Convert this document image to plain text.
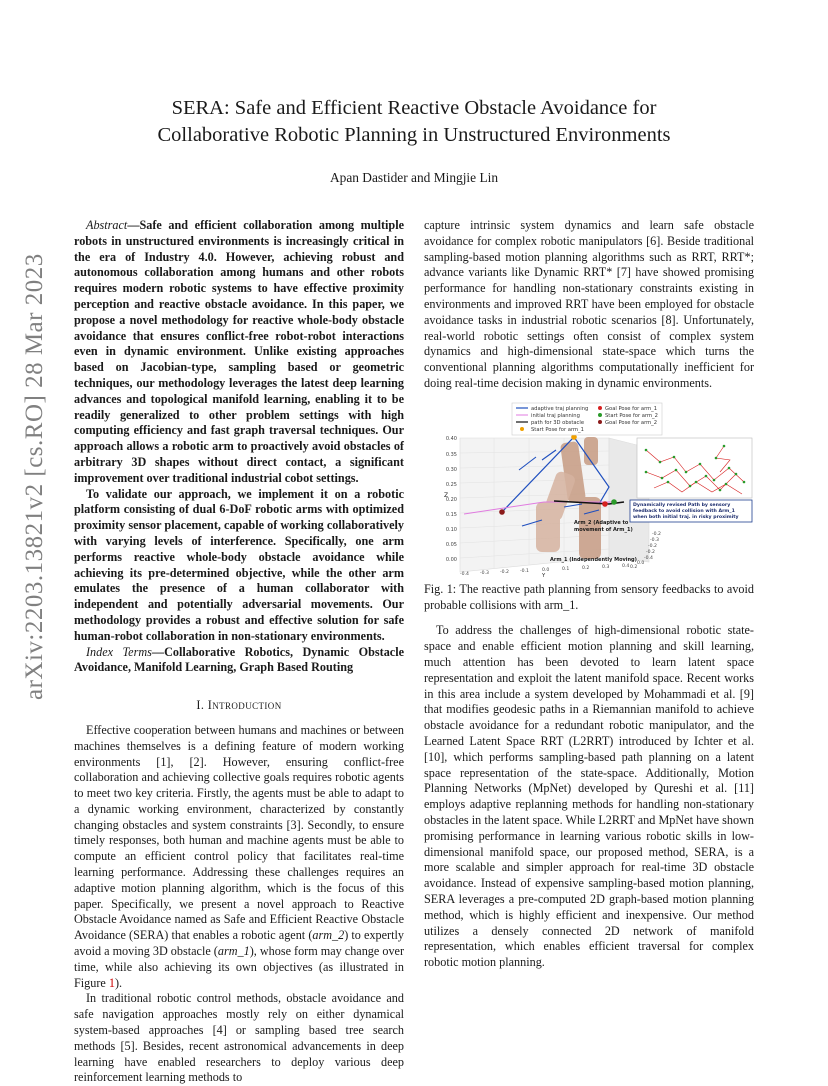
arXiv:2203.13821v2 [cs.RO] 28 Mar 2023
SERA: Safe and Efficient Reactive Obstacle Avoidance for
Collaborative Robotic Planning in Unstructured Environments
Apan Dastider and Mingjie Lin

Abstract—Safe and efficient collaboration among multiple robots in unstructured environments is increasingly critical in the era of Industry 4.0. However, achieving robust and autonomous collaboration among humans and other robots requires modern robotic systems to have effective proximity perception and reactive obstacle avoidance. In this paper, we propose a novel methodology for reactive whole-body obstacle avoidance that ensures conflict-free robot-robot interactions even in dynamic environment. Unlike existing approaches based on Jacobian-type, sampling based or geometric techniques, our methodology leverages the latest deep learning advances and topological manifold learning, enabling it to be readily generalized to other problem settings with high computing efficiency and fast graph traversal techniques. Our approach allows a robotic arm to proactively avoid obstacles of arbitrary 3D shapes without direct contact, a significant improvement over traditional industrial cobot settings.

To validate our approach, we implement it on a robotic platform consisting of dual 6-DoF robotic arms with optimized proximity sensor placement, capable of working collaboratively with varying levels of interference. Specifically, one arm performs reactive whole-body obstacle avoidance while achieving its pre-determined objective, while the other arm emulates the presence of a human collaborator with independent and potentially adversarial movements. Our methodology provides a robust and effective solution for safe human-robot collaboration in non-stationary environments.

Index Terms—Collaborative Robotics, Dynamic Obstacle Avoidance, Manifold Learning, Graph Based Routing

I. Introduction

Effective cooperation between humans and machines or between machines themselves is a defining feature of modern working environments [1], [2]. However, ensuring conflict-free collaboration and achieving collective goals requires robotic agents to meet two key criteria. Firstly, the agents must be able to adapt to a dynamic working environment, characterized by constantly changing obstacles and system constraints [3]. Secondly, to ensure timely responses, both human and machine agents must be able to compute an efficient control policy that facilitates real-time learning performance. Addressing these challenges requires an adaptive motion planning algorithm, which is the focus of this paper. Specifically, we present a novel approach to Reactive Obstacle Avoidance named as Safe and Efficient Reactive Obstacle Avoidance (SERA) that enables a robotic agent (arm_2) to expertly avoid a moving 3D obstacle (arm_1), whose form may change over time, while also achieving its own objectives (as illustrated in Figure 1).

In traditional robotic control methods, obstacle avoidance and safe navigation approaches mostly rely on either dynamical system-based approaches [4] or sampling based tree search methods [5]. Besides, recent astronomical advancements in deep learning have enabled researchers to deploy various deep reinforcement learning methods to

capture intrinsic system dynamics and learn safe obstacle avoidance for complex robotic manipulators [6]. Beside traditional sampling-based motion planning algorithms such as RRT, RRT*; advance variants like Dynamic RRT* [7] have showed promising performance for handling non-stationary constraints existing in environments and improved RRT have been employed for obstacle avoidance tasks in industrial robotic scenarios [8]. Unfortunately, real-world robotic settings often consist of complex system dynamics and high-dimensional state-space which turns the conventional planning algorithms computationally inefficient for doing real-time decision making in dynamic environments.

adaptive traj planning
initial traj planning
path for 3D obstacle
Start Pose for arm_1
Goal Pose for arm_1
Start Pose for arm_2
Goal Pose for arm_2
0.40
0.35
0.30
0.25
0.20
0.15
0.10
0.05
0.00
Z
-0.4 -0.3 -0.2 -0.1	0.0	0.1	0.2	0.3	0.4
-0.2
-0.3
-0.2
-0.2
-0.4
0.0
0.2
Y
Dynamically revised Path by sensory
feedback to avoid collision with Arm_1
when both initial traj. in risky proximity
Arm_2 (Adaptive to
movement of Arm_1)
Arm_1 (Independently Moving)
Fig. 1: The reactive path planning from sensory feedbacks to avoid probable collisions with arm_1.

To address the challenges of high-dimensional robotic state-space and enable efficient motion planning and skill learning, much attention has been devoted to learn latent space representation and exploit the latent manifold space. Recent works in this area include a system developed by Mohammadi et al. [9] that modifies geodesic paths in a Riemannian manifold to achieve obstacle avoidance for a redundant robotic manipulator, and the Learned Latent Space RRT (L2RRT) introduced by Ichter et al. [10], which performs sampling-based path planning on a latent space representation of the state-space. Additionally, Motion Planning Networks (MpNet) developed by Qureshi et al. [11] employs adaptive replanning methods for handling non-stationary obstacles in the latent space. While L2RRT and MpNet have shown promising performance in learning various robotic skills in low-dimensional manifold space, our proposed method, SERA, is a more scalable and simpler approach for real-time 3D obstacle avoidance. Instead of expensive sampling-based motion planning, SERA leverages a pre-computed 2D graph-based motion planning method, which is highly efficient and inexpensive. Our method utilizes a densely connected 2D network of manifold representation, which enables efficient traversal for complex robotic motion planning.
